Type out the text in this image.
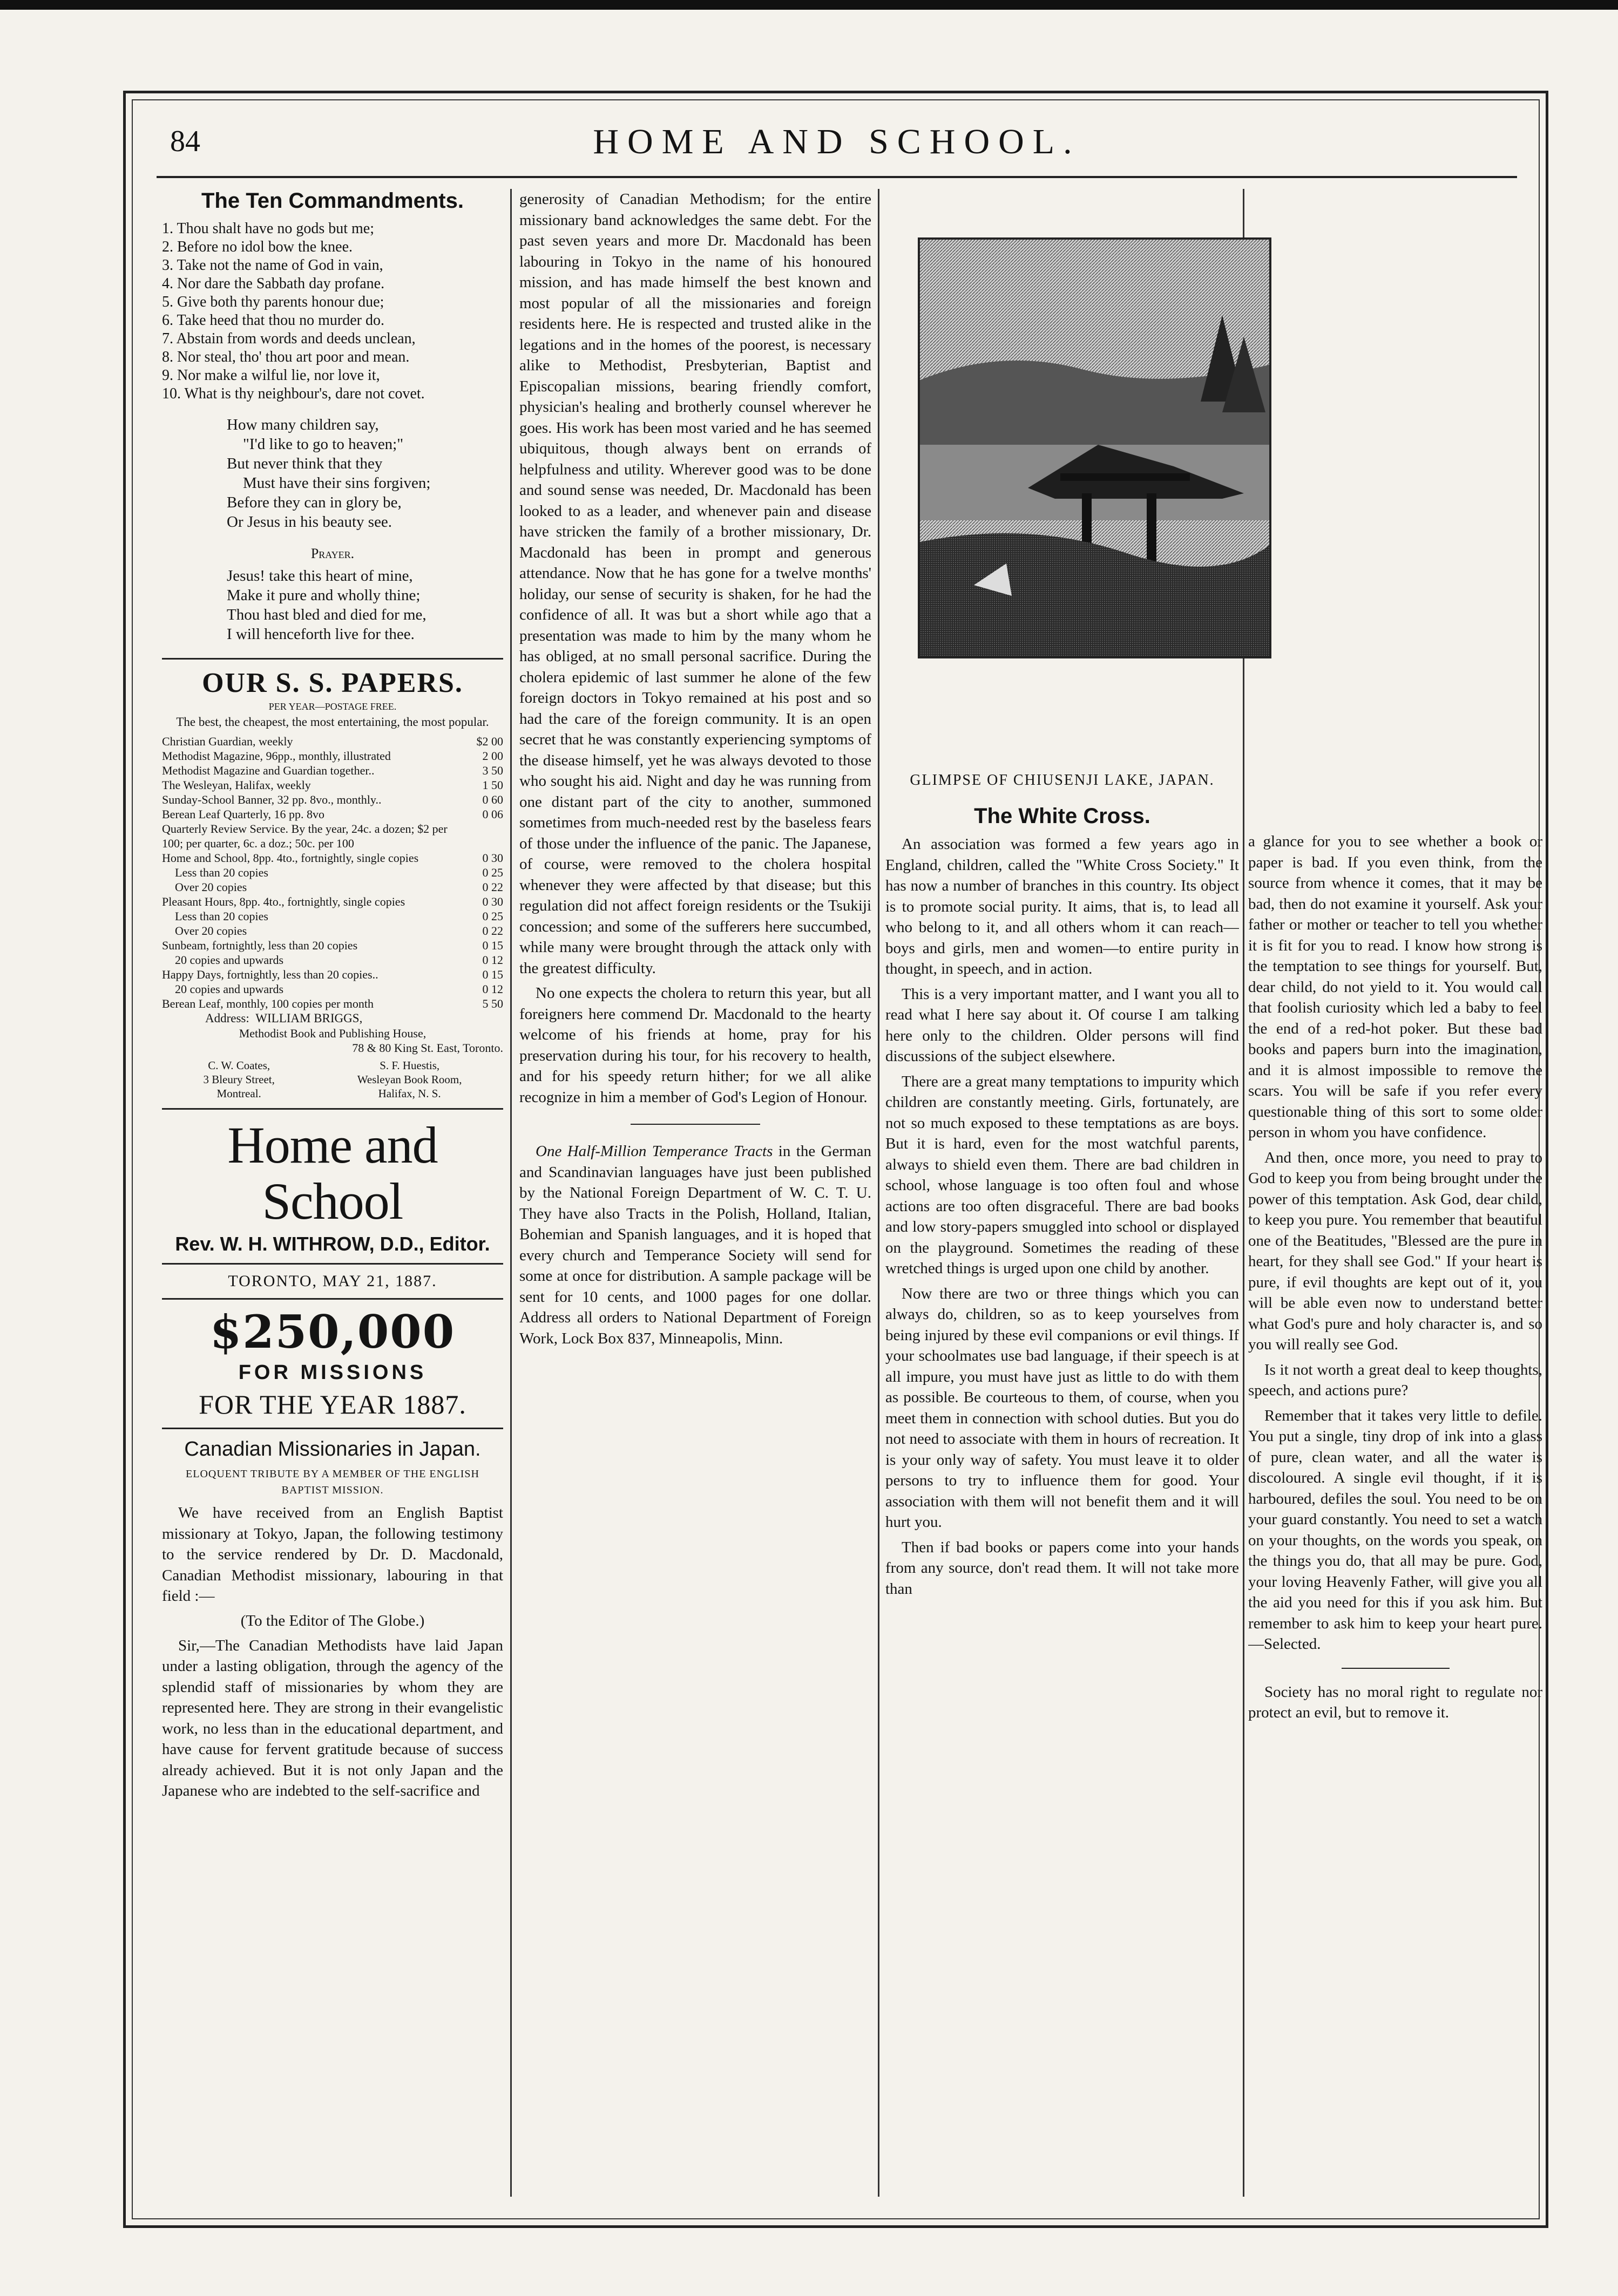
84	HOME AND SCHOOL.
The Ten Commandments.

1. Thou shalt have no gods but me;

2. Before no idol bow the knee.

3. Take not the name of God in vain,

4. Nor dare the Sabbath day profane.

5. Give both thy parents honour due;

6. Take heed that thou no murder do.

7. Abstain from words and deeds unclean,

8. Nor steal, tho' thou art poor and mean.

9. Nor make a wilful lie, nor love it,

10. What is thy neighbour's, dare not covet.

How many children say,

"I'd like to go to heaven;"

But never think that they

Must have their sins forgiven;

Before they can in glory be,

Or Jesus in his beauty see.

Prayer.

Jesus! take this heart of mine,

Make it pure and wholly thine;

Thou hast bled and died for me,

I will henceforth live for thee.

OUR S. S. PAPERS.

PER YEAR—POSTAGE FREE.

The best, the cheapest, the most entertaining, the most popular.

Christian Guardian, weekly	$2 00
Methodist Magazine, 96pp., monthly, illustrated	2 00
Methodist Magazine and Guardian together..	3 50
The Wesleyan, Halifax, weekly	1 50
Sunday-School Banner, 32 pp. 8vo., monthly..	0 60
Berean Leaf Quarterly, 16 pp. 8vo	0 06
Quarterly Review Service. By the year, 24c. a dozen; $2 per 100; per quarter, 6c. a doz.; 50c. per 100
Home and School, 8pp. 4to., fortnightly, single copies	0 30
Less than 20 copies	0 25
Over 20 copies	0 22
Pleasant Hours, 8pp. 4to., fortnightly, single copies	0 30
Less than 20 copies	0 25
Over 20 copies	0 22
Sunbeam, fortnightly, less than 20 copies	0 15
20 copies and upwards	0 12
Happy Days, fortnightly, less than 20 copies..	0 15
20 copies and upwards	0 12
Berean Leaf, monthly, 100 copies per month	5 50
Address: WILLIAM BRIGGS,
Methodist Book and Publishing House,
78 & 80 King St. East, Toronto.
C. W. Coates,
3 Bleury Street,
Montreal.
S. F. Huestis,
Wesleyan Book Room,
Halifax, N. S.
Home and School

Rev. W. H. WITHROW, D.D., Editor.

TORONTO, MAY 21, 1887.

$250,000
FOR MISSIONS
FOR THE YEAR 1887.
Canadian Missionaries in Japan.

ELOQUENT TRIBUTE BY A MEMBER OF THE ENGLISH BAPTIST MISSION.

We have received from an English Baptist missionary at Tokyo, Japan, the following testimony to the service rendered by Dr. D. Macdonald, Canadian Methodist missionary, labouring in that field :—

(To the Editor of The Globe.)

Sir,—The Canadian Methodists have laid Japan under a lasting obligation, through the agency of the splendid staff of missionaries by whom they are represented here. They are strong in their evangelistic work, no less than in the educational department, and have cause for fervent gratitude because of success already achieved. But it is not only Japan and the Japanese who are indebted to the self-sacrifice and

generosity of Canadian Methodism; for the entire missionary band acknowledges the same debt. For the past seven years and more Dr. Macdonald has been labouring in Tokyo in the name of his honoured mission, and has made himself the best known and most popular of all the missionaries and foreign residents here. He is respected and trusted alike in the legations and in the homes of the poorest, is necessary alike to Methodist, Presbyterian, Baptist and Episcopalian missions, bearing friendly comfort, physician's healing and brotherly counsel wherever he goes. His work has been most varied and he has seemed ubiquitous, though always bent on errands of helpfulness and utility. Wherever good was to be done and sound sense was needed, Dr. Macdonald has been looked to as a leader, and whenever pain and disease have stricken the family of a brother missionary, Dr. Macdonald has been in prompt and generous attendance. Now that he has gone for a twelve months' holiday, our sense of security is shaken, for he had the confidence of all. It was but a short while ago that a presentation was made to him by the many whom he has obliged, at no small personal sacrifice. During the cholera epidemic of last summer he alone of the few foreign doctors in Tokyo remained at his post and so had the care of the foreign community. It is an open secret that he was constantly experiencing symptoms of the disease himself, yet he was always devoted to those who sought his aid. Night and day he was running from one distant part of the city to another, summoned sometimes from much-needed rest by the baseless fears of those under the influence of the panic. The Japanese, of course, were removed to the cholera hospital whenever they were affected by that disease; but this regulation did not affect foreign residents or the Tsukiji concession; and some of the sufferers here succumbed, while many were brought through the attack only with the greatest difficulty.

No one expects the cholera to return this year, but all foreigners here commend Dr. Macdonald to the hearty welcome of his friends at home, pray for his preservation during his tour, for his recovery to health, and for his speedy return hither; for we all alike recognize in him a member of God's Legion of Honour.

One Half-Million Temperance Tracts in the German and Scandinavian languages have just been published by the National Foreign Department of W. C. T. U. They have also Tracts in the Polish, Holland, Italian, Bohemian and Spanish languages, and it is hoped that every church and Temperance Society will send for some at once for distribution. A sample package will be sent for 10 cents, and 1000 pages for one dollar. Address all orders to National Department of Foreign Work, Lock Box 837, Minneapolis, Minn.

GLIMPSE OF CHIUSENJI LAKE, JAPAN.

The White Cross.

An association was formed a few years ago in England, children, called the "White Cross Society." It has now a number of branches in this country. Its object is to promote social purity. It aims, that is, to lead all who belong to it, and all others whom it can reach—boys and girls, men and women—to entire purity in thought, in speech, and in action.

This is a very important matter, and I want you all to read what I here say about it. Of course I am talking here only to the children. Older persons will find discussions of the subject elsewhere.

There are a great many temptations to impurity which children are constantly meeting. Girls, fortunately, are not so much exposed to these temptations as are boys. But it is hard, even for the most watchful parents, always to shield even them. There are bad children in school, whose language is too often foul and whose actions are too often disgraceful. There are bad books and low story-papers smuggled into school or displayed on the playground. Sometimes the reading of these wretched things is urged upon one child by another.

Now there are two or three things which you can always do, children, so as to keep yourselves from being injured by these evil companions or evil things. If your schoolmates use bad language, if their speech is at all impure, you must have just as little to do with them as possible. Be courteous to them, of course, when you meet them in connection with school duties. But you do not need to associate with them in hours of recreation. It is your only way of safety. You must leave it to older persons to try to influence them for good. Your association with them will not benefit them and it will hurt you.

Then if bad books or papers come into your hands from any source, don't read them. It will not take more than

a glance for you to see whether a book or paper is bad. If you even think, from the source from whence it comes, that it may be bad, then do not examine it yourself. Ask your father or mother or teacher to tell you whether it is fit for you to read. I know how strong is the temptation to see things for yourself. But, dear child, do not yield to it. You would call that foolish curiosity which led a baby to feel the end of a red-hot poker. But these bad books and papers burn into the imagination, and it is almost impossible to remove the scars. You will be safe if you refer every questionable thing of this sort to some older person in whom you have confidence.

And then, once more, you need to pray to God to keep you from being brought under the power of this temptation. Ask God, dear child, to keep you pure. You remember that beautiful one of the Beatitudes, "Blessed are the pure in heart, for they shall see God." If your heart is pure, if evil thoughts are kept out of it, you will be able even now to understand better what God's pure and holy character is, and so you will really see God.

Is it not worth a great deal to keep thoughts, speech, and actions pure?

Remember that it takes very little to defile. You put a single, tiny drop of ink into a glass of pure, clean water, and all the water is discoloured. A single evil thought, if it is harboured, defiles the soul. You need to be on your guard constantly. You need to set a watch on your thoughts, on the words you speak, on the things you do, that all may be pure. God, your loving Heavenly Father, will give you all the aid you need for this if you ask him. But remember to ask him to keep your heart pure.—Selected.

Society has no moral right to regulate nor protect an evil, but to remove it.
